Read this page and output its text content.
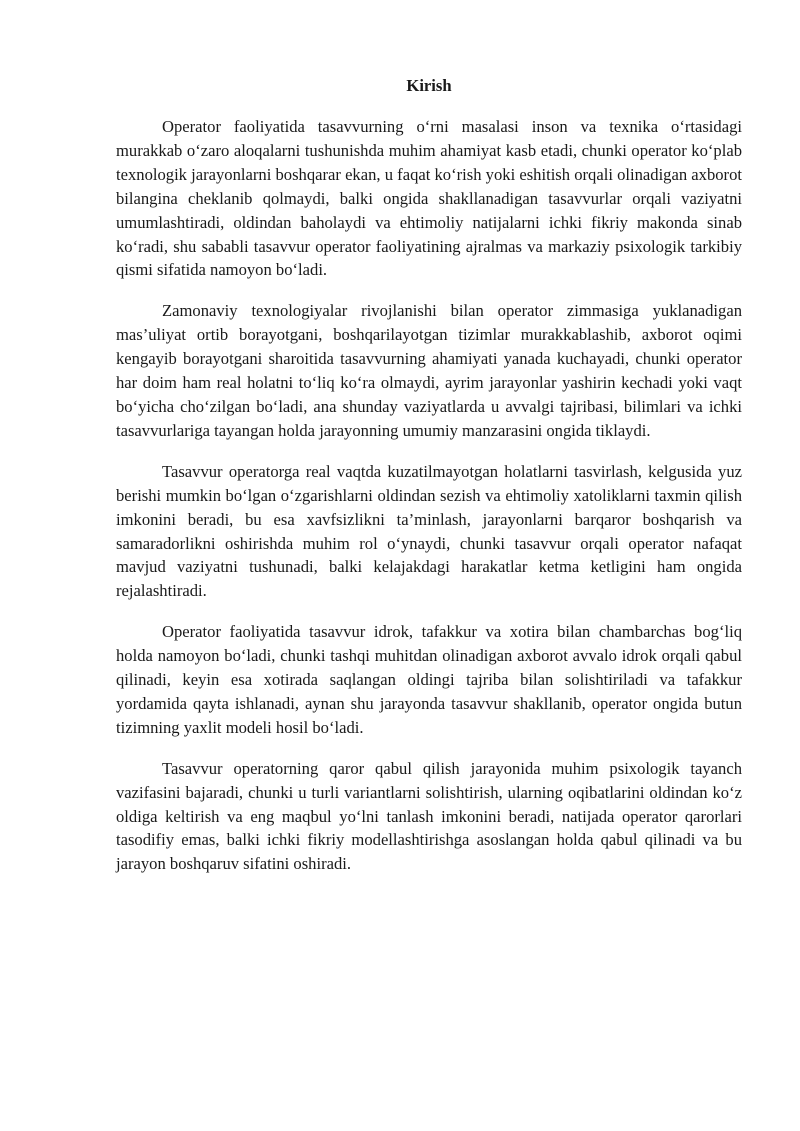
Kirish

Operator faoliyatida tasavvurning oʻrni masalasi inson va texnika oʻrtasidagi murakkab oʻzaro aloqalarni tushunishda muhim ahamiyat kasb etadi, chunki operator koʻplab texnologik jarayonlarni boshqarar ekan, u faqat koʻrish yoki eshitish orqali olinadigan axborot bilangina cheklanib qolmaydi, balki ongida shakllanadigan tasavvurlar orqali vaziyatni umumlashtiradi, oldindan baholaydi va ehtimoliy natijalarni ichki fikriy makonda sinab koʻradi, shu sababli tasavvur operator faoliyatining ajralmas va markaziy psixologik tarkibiy qismi sifatida namoyon boʻladi.

Zamonaviy texnologiyalar rivojlanishi bilan operator zimmasiga yuklanadigan mas’uliyat ortib borayotgani, boshqarilayotgan tizimlar murakkablashib, axborot oqimi kengayib borayotgani sharoitida tasavvurning ahamiyati yanada kuchayadi, chunki operator har doim ham real holatni toʻliq koʻra olmaydi, ayrim jarayonlar yashirin kechadi yoki vaqt boʻyicha choʻzilgan boʻladi, ana shunday vaziyatlarda u avvalgi tajribasi, bilimlari va ichki tasavvurlariga tayangan holda jarayonning umumiy manzarasini ongida tiklaydi.

Tasavvur operatorga real vaqtda kuzatilmayotgan holatlarni tasvirlash, kelgusida yuz berishi mumkin boʻlgan oʻzgarishlarni oldindan sezish va ehtimoliy xatoliklarni taxmin qilish imkonini beradi, bu esa xavfsizlikni ta’minlash, jarayonlarni barqaror boshqarish va samaradorlikni oshirishda muhim rol oʻynaydi, chunki tasavvur orqali operator nafaqat mavjud vaziyatni tushunadi, balki kelajakdagi harakatlar ketma ketligini ham ongida rejalashtiradi.

Operator faoliyatida tasavvur idrok, tafakkur va xotira bilan chambarchas bogʻliq holda namoyon boʻladi, chunki tashqi muhitdan olinadigan axborot avvalo idrok orqali qabul qilinadi, keyin esa xotirada saqlangan oldingi tajriba bilan solishtiriladi va tafakkur yordamida qayta ishlanadi, aynan shu jarayonda tasavvur shakllanib, operator ongida butun tizimning yaxlit modeli hosil boʻladi.

Tasavvur operatorning qaror qabul qilish jarayonida muhim psixologik tayanch vazifasini bajaradi, chunki u turli variantlarni solishtirish, ularning oqibatlarini oldindan koʻz oldiga keltirish va eng maqbul yoʻlni tanlash imkonini beradi, natijada operator qarorlari tasodifiy emas, balki ichki fikriy modellashtirishga asoslangan holda qabul qilinadi va bu jarayon boshqaruv sifatini oshiradi.
